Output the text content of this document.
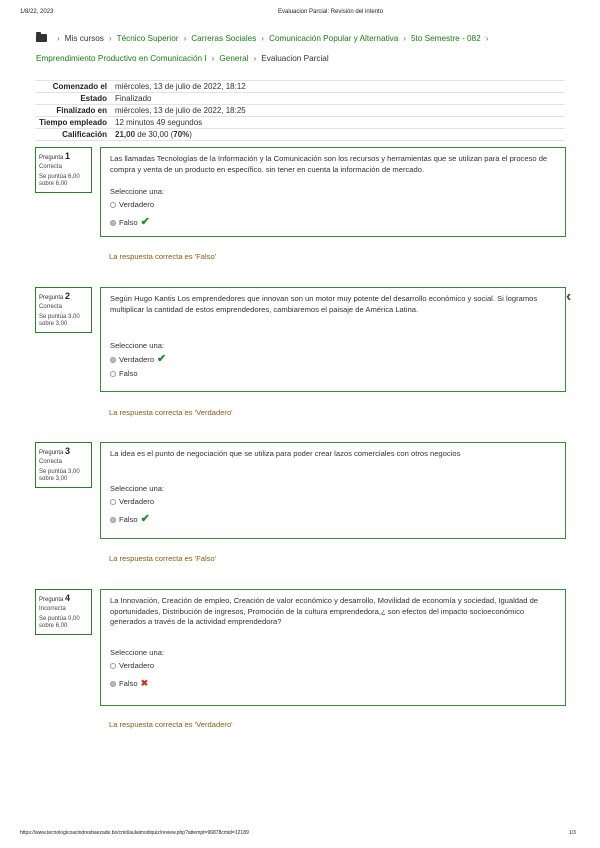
1/8/22, 2023	Evaluacion Parcial: Revisión del intento
https://www.tecnologicoacindresbaezade.bo/cmit/aulaimodiquiz/review.php?attempt=96878cmid=12189	1/3
› Mis cursos › Técnico Superior › Carreras Sociales › Comunicación Popular y Alternativa › 5to Semestre - 082 ›
Emprendimiento Productivo en Comunicación I › General › Evaluacion Parcial
Comenzado el	miércoles, 13 de julio de 2022, 18:12
Estado	Finalizado
Finalizado en	miércoles, 13 de julio de 2022, 18:25
Tiempo empleado	12 minutos 49 segundos
Calificación	21,00 de 30,00 (70%)
Pregunta 1
Correcta
Se puntúa 6,00 sobre 6,00
Las llamadas Tecnologías de la Información y la Comunicación son los recursos y herramientas que se utilizan para el proceso de compra y venta de un producto en específico. sin tener en cuenta la información de mercado.
Seleccione una:
Verdadero
Falso ✔
La respuesta correcta es 'Falso'
Pregunta 2
Correcta
Se puntúa 3,00 sobre 3,00
Según Hugo Kantis Los emprendedores que innovan son un motor muy potente del desarrollo económico y social. Si logramos multiplicar la cantidad de estos emprendedores, cambiaremos el paisaje de América Latina.
Seleccione una:
Verdadero ✔
Falso
La respuesta correcta es 'Verdadero'
‹
Pregunta 3
Correcta
Se puntúa 3,00 sobre 3,00
La idea es el punto de negociación que se utiliza para poder crear lazos comerciales con otros negocios
Seleccione una:
Verdadero
Falso ✔
La respuesta correcta es 'Falso'
Pregunta 4
Incorrecta
Se puntúa 0,00 sobre 6,00
La Innovación, Creación de empleo, Creación de valor económico y desarrollo, Movilidad de economía y sociedad, Igualdad de oportunidades, Distribución de ingresos, Promoción de la cultura emprendedora,¿ son efectos del impacto socioeconómico generados a través de la actividad emprendedora?
Seleccione una:
Verdadero
Falso ✖
La respuesta correcta es 'Verdadero'
